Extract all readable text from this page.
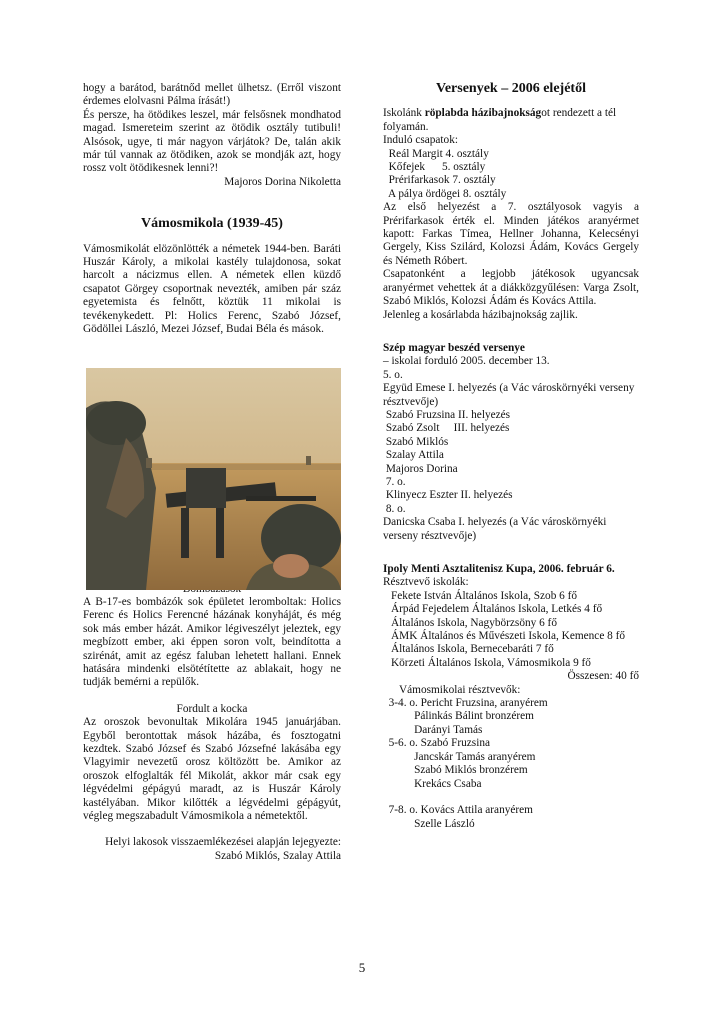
hogy a barátod, barátnőd mellet ülhetsz. (Erről viszont érdemes elolvasni Pálma írását!)

És persze, ha ötödikes leszel, már felsősnek mondhatod magad. Ismereteim szerint az ötödik osztály tutibuli! Alsósok, ugye, ti már nagyon várjátok? De, talán akik már túl vannak az ötödiken, azok se mondják azt, hogy rossz volt ötödikesnek lenni?!

Majoros Dorina Nikoletta

Vámosmikola (1939-45)

Vámosmikolát elözönlötték a németek 1944-ben. Baráti Huszár Károly, a mikolai kastély tulajdonosa, sokat harcolt a nácizmus ellen. A németek ellen küzdő csapatot Görgey csoportnak nevezték, amiben pár száz egyetemista és felnőtt, köztük 11 mikolai is tevékenykedett. Pl: Holics Ferenc, Szabó József, Gödöllei László, Mezei József, Budai Béla és mások.

A B-17-es bombázók sok épületet leromboltak: Holics Ferenc és Holics Ferencné házának konyháját, és még sok más ember házát. Amikor légiveszélyt jeleztek, egy megbízott ember, aki éppen soron volt, beindította a szirénát, amit az egész faluban lehetett hallani. Ennek hatására mindenki elsötétítette az ablakait, hogy ne tudják bemérni a repülők.

Fordult a kocka

Az oroszok bevonultak Mikolára 1945 januárjában. Egyből berontottak mások házába, és fosztogatni kezdtek. Szabó József és Szabó Józsefné lakásába egy Vlagyimir nevezetű orosz költözött be. Amikor az oroszok elfoglalták fél Mikolát, akkor már csak egy légvédelmi gépágyú maradt, az is Huszár Károly kastélyában. Mikor kilőtték a légvédelmi gépágyút, végleg megszabadult Vámosmikola a németektől.

Helyi lakosok visszaemlékezései alapján lejegyezte:

Szabó Miklós, Szalay Attila

Versenyek – 2006 elejétől

Iskolánk röplabda házibajnokságot rendezett a tél folyamán.

Induló csapatok:

Reál Margit 4. osztály

Kőfejek      5. osztály

Prérifarkasok 7. osztály

A pálya ördögei 8. osztály

Az első helyezést a 7. osztályosok vagyis a Prérifarkasok érték el. Minden játékos aranyérmet kapott: Farkas Tímea, Hellner Johanna, Kelecsényi Gergely, Kiss Szilárd, Kolozsi Ádám, Kovács Gergely és Németh Róbert.

Csapatonként a legjobb játékosok ugyancsak aranyérmet vehettek át a diákközgyűlésen: Varga Zsolt, Szabó Miklós, Kolozsi Ádám és Kovács Attila.

Jelenleg a kosárlabda házibajnokság zajlik.

Szép magyar beszéd versenye

– iskolai forduló 2005. december 13.

5. o.

Együd Emese I. helyezés (a Vác városkörnyéki verseny résztvevője)

Szabó Fruzsina II. helyezés

Szabó Zsolt     III. helyezés

Szabó Miklós

Szalay Attila

Majoros Dorina

7. o.

Klinyecz Eszter II. helyezés

8. o.

Danicska Csaba I. helyezés (a Vác városkörnyéki verseny résztvevője)

Ipoly Menti Asztalitenisz Kupa, 2006. február 6.

Résztvevő iskolák:

Fekete István Általános Iskola, Szob 6 fő

Árpád Fejedelem Általános Iskola, Letkés 4 fő

Általános Iskola, Nagybörzsöny 6 fő

ÁMK Általános és Művészeti Iskola, Kemence 8 fő

Általános Iskola, Bernecebaráti 7 fő

Körzeti Általános Iskola, Vámosmikola 9 fő

Összesen: 40 fő

Vámosmikolai résztvevők:

3-4. o. Pericht Fruzsina, aranyérem

Pálinkás Bálint bronzérem

Darányi Tamás

5-6. o. Szabó Fruzsina

Jancskár Tamás aranyérem

Szabó Miklós bronzérem

Krekács Csaba

7-8. o. Kovács Attila aranyérem

Szelle László

5
